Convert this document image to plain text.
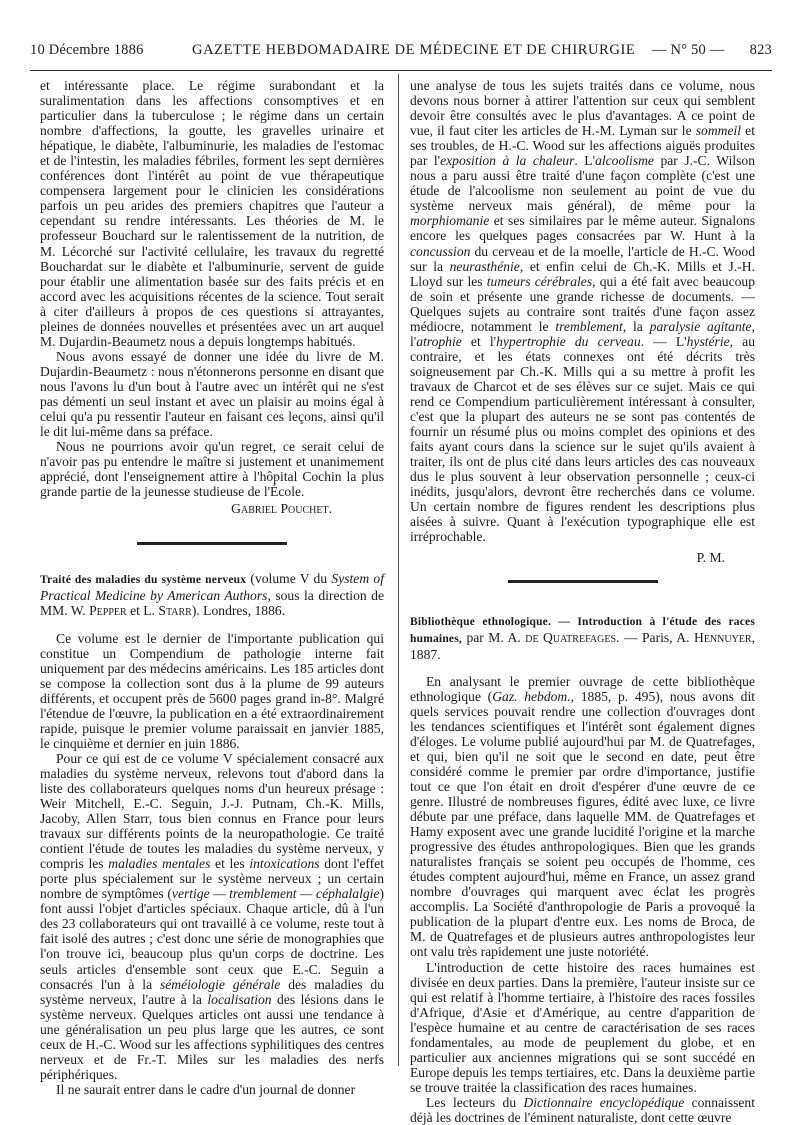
10 Décembre 1886	GAZETTE HEBDOMADAIRE DE MÉDECINE ET DE CHIRURGIE — N° 50 — 823

et intéressante place. Le régime surabondant et la suralimentation dans les affections consomptives et en particulier dans la tuberculose ; le régime dans un certain nombre d'affections, la goutte, les gravelles urinaire et hépatique, le diabète, l'albuminurie, les maladies de l'estomac et de l'intestin, les maladies fébriles, forment les sept dernières conférences dont l'intérêt au point de vue thérapeutique compensera largement pour le clinicien les considérations parfois un peu arides des premiers chapitres que l'auteur a cependant su rendre intéressants. Les théories de M. le professeur Bouchard sur le ralentissement de la nutrition, de M. Lécorché sur l'activité cellulaire, les travaux du regretté Bouchardat sur le diabète et l'albuminurie, servent de guide pour établir une alimentation basée sur des faits précis et en accord avec les acquisitions récentes de la science. Tout serait à citer d'ailleurs à propos de ces questions si attrayantes, pleines de données nouvelles et présentées avec un art auquel M. Dujardin-Beaumetz nous a depuis longtemps habitués.

Nous avons essayé de donner une idée du livre de M. Dujardin-Beaumetz : nous n'étonnerons personne en disant que nous l'avons lu d'un bout à l'autre avec un intérêt qui ne s'est pas démenti un seul instant et avec un plaisir au moins égal à celui qu'a pu ressentir l'auteur en faisant ces leçons, ainsi qu'il le dit lui-même dans sa préface.

Nous ne pourrions avoir qu'un regret, ce serait celui de n'avoir pas pu entendre le maître si justement et unanimement apprécié, dont l'enseignement attire à l'hôpital Cochin la plus grande partie de la jeunesse studieuse de l'École.

Gabriel Pouchet.

Traité des maladies du système nerveux (volume V du System of Practical Medicine by American Authors, sous la direction de MM. W. Pepper et L. Starr). Londres, 1886.

Ce volume est le dernier de l'importante publication qui constitue un Compendium de pathologie interne fait uniquement par des médecins américains. Les 185 articles dont se compose la collection sont dus à la plume de 99 auteurs différents, et occupent près de 5600 pages grand in-8°. Malgré l'étendue de l'œuvre, la publication en a été extraordinairement rapide, puisque le premier volume paraissait en janvier 1885, le cinquième et dernier en juin 1886.

Pour ce qui est de ce volume V spécialement consacré aux maladies du système nerveux, relevons tout d'abord dans la liste des collaborateurs quelques noms d'un heureux présage : Weir Mitchell, E.-C. Seguin, J.-J. Putnam, Ch.-K. Mills, Jacoby, Allen Starr, tous bien connus en France pour leurs travaux sur différents points de la neuropathologie. Ce traité contient l'étude de toutes les maladies du système nerveux, y compris les maladies mentales et les intoxications dont l'effet porte plus spécialement sur le système nerveux ; un certain nombre de symptômes (vertige — tremblement — céphalalgie) font aussi l'objet d'articles spéciaux. Chaque article, dû à l'un des 23 collaborateurs qui ont travaillé à ce volume, reste tout à fait isolé des autres ; c'est donc une série de monographies que l'on trouve ici, beaucoup plus qu'un corps de doctrine. Les seuls articles d'ensemble sont ceux que E.-C. Seguin a consacrés l'un à la séméiologie générale des maladies du système nerveux, l'autre à la localisation des lésions dans le système nerveux. Quelques articles ont aussi une tendance à une généralisation un peu plus large que les autres, ce sont ceux de H.-C. Wood sur les affections syphilitiques des centres nerveux et de Fr.-T. Miles sur les maladies des nerfs périphériques.

Il ne saurait entrer dans le cadre d'un journal de donner

une analyse de tous les sujets traités dans ce volume, nous devons nous borner à attirer l'attention sur ceux qui semblent devoir être consultés avec le plus d'avantages. A ce point de vue, il faut citer les articles de H.-M. Lyman sur le sommeil et ses troubles, de H.-C. Wood sur les affections aiguës produites par l'exposition à la chaleur. L'alcoolisme par J.-C. Wilson nous a paru aussi être traité d'une façon complète (c'est une étude de l'alcoolisme non seulement au point de vue du système nerveux mais général), de même pour la morphiomanie et ses similaires par le même auteur. Signalons encore les quelques pages consacrées par W. Hunt à la concussion du cerveau et de la moelle, l'article de H.-C. Wood sur la neurasthénie, et enfin celui de Ch.-K. Mills et J.-H. Lloyd sur les tumeurs cérébrales, qui a été fait avec beaucoup de soin et présente une grande richesse de documents. — Quelques sujets au contraire sont traités d'une façon assez médiocre, notamment le tremblement, la paralysie agitante, l'atrophie et l'hypertrophie du cerveau. — L'hystérie, au contraire, et les états connexes ont été décrits très soigneusement par Ch.-K. Mills qui a su mettre à profit les travaux de Charcot et de ses élèves sur ce sujet. Mais ce qui rend ce Compendium particulièrement intéressant à consulter, c'est que la plupart des auteurs ne se sont pas contentés de fournir un résumé plus ou moins complet des opinions et des faits ayant cours dans la science sur le sujet qu'ils avaient à traiter, ils ont de plus cité dans leurs articles des cas nouveaux dus le plus souvent à leur observation personnelle ; ceux-ci inédits, jusqu'alors, devront être recherchés dans ce volume. Un certain nombre de figures rendent les descriptions plus aisées à suivre. Quant à l'exécution typographique elle est irréprochable.

P. M.

Bibliothèque ethnologique. — Introduction à l'étude des races humaines, par M. A. de Quatrefages. — Paris, A. Hennuyer, 1887.

En analysant le premier ouvrage de cette bibliothèque ethnologique (Gaz. hebdom., 1885, p. 495), nous avons dit quels services pouvait rendre une collection d'ouvrages dont les tendances scientifiques et l'intérêt sont également dignes d'éloges. Le volume publié aujourd'hui par M. de Quatrefages, et qui, bien qu'il ne soit que le second en date, peut être considéré comme le premier par ordre d'importance, justifie tout ce que l'on était en droit d'espérer d'une œuvre de ce genre. Illustré de nombreuses figures, édité avec luxe, ce livre débute par une préface, dans laquelle MM. de Quatrefages et Hamy exposent avec une grande lucidité l'origine et la marche progressive des études anthropologiques. Bien que les grands naturalistes français se soient peu occupés de l'homme, ces études comptent aujourd'hui, même en France, un assez grand nombre d'ouvrages qui marquent avec éclat les progrès accomplis. La Société d'anthropologie de Paris a provoqué la publication de la plupart d'entre eux. Les noms de Broca, de M. de Quatrefages et de plusieurs autres anthropologistes leur ont valu très rapidement une juste notoriété.

L'introduction de cette histoire des races humaines est divisée en deux parties. Dans la première, l'auteur insiste sur ce qui est relatif à l'homme tertiaire, à l'histoire des races fossiles d'Afrique, d'Asie et d'Amérique, au centre d'apparition de l'espèce humaine et au centre de caractérisation de ses races fondamentales, au mode de peuplement du globe, et en particulier aux anciennes migrations qui se sont succédé en Europe depuis les temps tertiaires, etc. Dans la deuxième partie se trouve traitée la classification des races humaines.

Les lecteurs du Dictionnaire encyclopédique connaissent déjà les doctrines de l'éminent naturaliste, dont cette œuvre
